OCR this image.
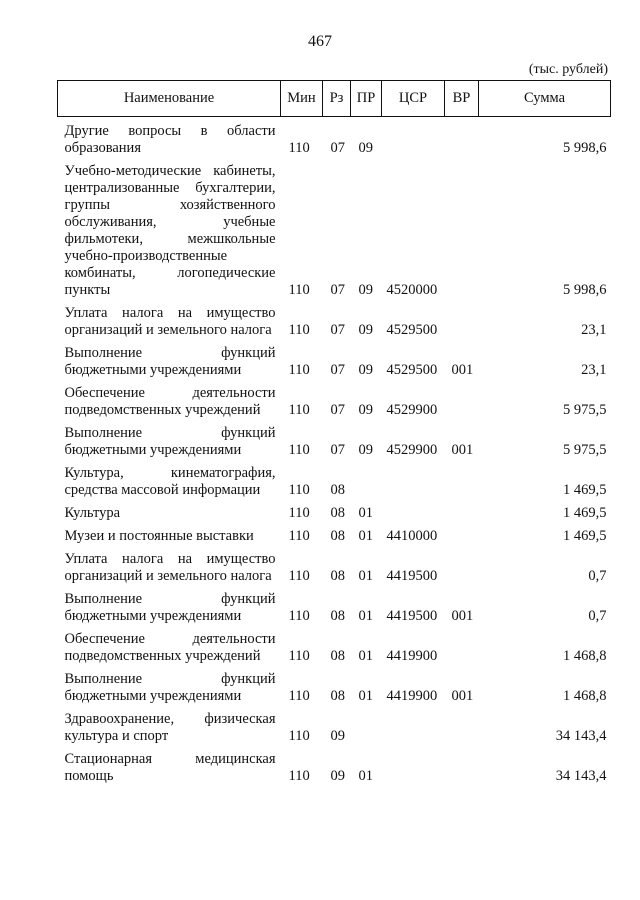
467
(тыс. рублей)
Наименование	Мин	Рз	ПР	ЦСР	ВР	Сумма
Другие вопросы в области образования	110	07	09			5 998,6
Учебно-методические кабинеты, централизованные бухгалтерии, группы хозяйственного обслуживания, учебные фильмотеки, межшкольные учебно-производственные комбинаты, логопедические пункты	110	07	09	4520000		5 998,6
Уплата налога на имущество организаций и земельного налога	110	07	09	4529500		23,1
Выполнение функций бюджетными учреждениями	110	07	09	4529500	001	23,1
Обеспечение деятельности подведомственных учреждений	110	07	09	4529900		5 975,5
Выполнение функций бюджетными учреждениями	110	07	09	4529900	001	5 975,5
Культура, кинематография, средства массовой информации	110	08				1 469,5
Культура	110	08	01			1 469,5
Музеи и постоянные выставки	110	08	01	4410000		1 469,5
Уплата налога на имущество организаций и земельного налога	110	08	01	4419500		0,7
Выполнение функций бюджетными учреждениями	110	08	01	4419500	001	0,7
Обеспечение деятельности подведомственных учреждений	110	08	01	4419900		1 468,8
Выполнение функций бюджетными учреждениями	110	08	01	4419900	001	1 468,8
Здравоохранение, физическая культура и спорт	110	09				34 143,4
Стационарная медицинская помощь	110	09	01			34 143,4
